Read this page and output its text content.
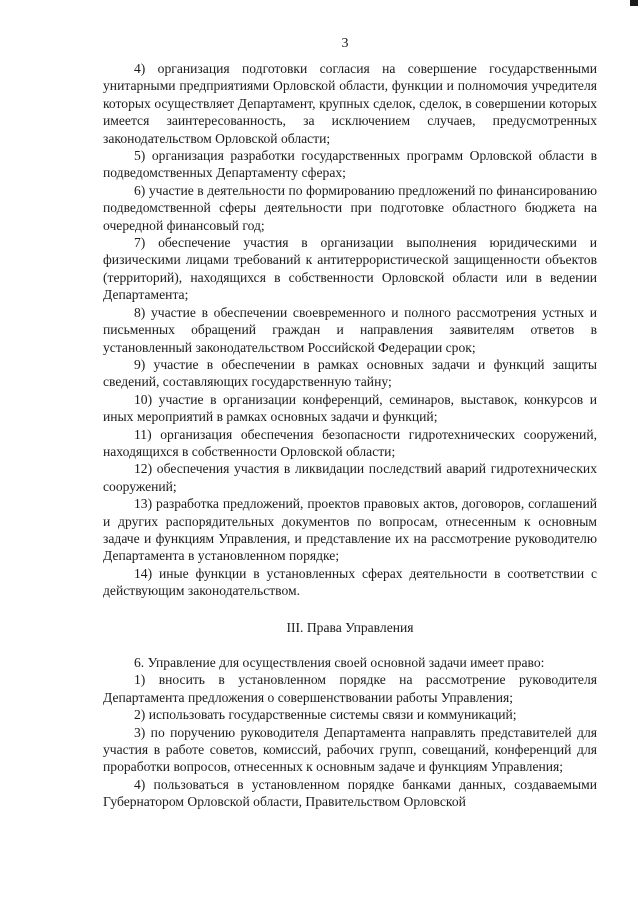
3

4) организация подготовки согласия на совершение государственными унитарными предприятиями Орловской области, функции и полномочия учредителя которых осуществляет Департамент, крупных сделок, сделок, в совершении которых имеется заинтересованность, за исключением случаев, предусмотренных законодательством Орловской области;

5) организация разработки государственных программ Орловской области в подведомственных Департаменту сферах;

6) участие в деятельности по формированию предложений по финансированию подведомственной сферы деятельности при подготовке областного бюджета на очередной финансовый год;

7) обеспечение участия в организации выполнения юридическими и физическими лицами требований к антитеррористической защищенности объектов (территорий), находящихся в собственности Орловской области или в ведении Департамента;

8) участие в обеспечении своевременного и полного рассмотрения устных и письменных обращений граждан и направления заявителям ответов в установленный законодательством Российской Федерации срок;

9) участие в обеспечении в рамках основных задачи и функций защиты сведений, составляющих государственную тайну;

10) участие в организации конференций, семинаров, выставок, конкурсов и иных мероприятий в рамках основных задачи и функций;

11) организация обеспечения безопасности гидротехнических сооружений, находящихся в собственности Орловской области;

12) обеспечения участия в ликвидации последствий аварий гидротехнических сооружений;

13) разработка предложений, проектов правовых актов, договоров, соглашений и других распорядительных документов по вопросам, отнесенным к основным задаче и функциям Управления, и представление их на рассмотрение руководителю Департамента в установленном порядке;

14) иные функции в установленных сферах деятельности в соответствии с действующим законодательством.

III. Права Управления

6. Управление для осуществления своей основной задачи имеет право:

1) вносить в установленном порядке на рассмотрение руководителя Департамента предложения о совершенствовании работы Управления;

2) использовать государственные системы связи и коммуникаций;

3) по поручению руководителя Департамента направлять представителей для участия в работе советов, комиссий, рабочих групп, совещаний, конференций для проработки вопросов, отнесенных к основным задаче и функциям Управления;

4) пользоваться в установленном порядке банками данных, создаваемыми Губернатором Орловской области, Правительством Орловской
